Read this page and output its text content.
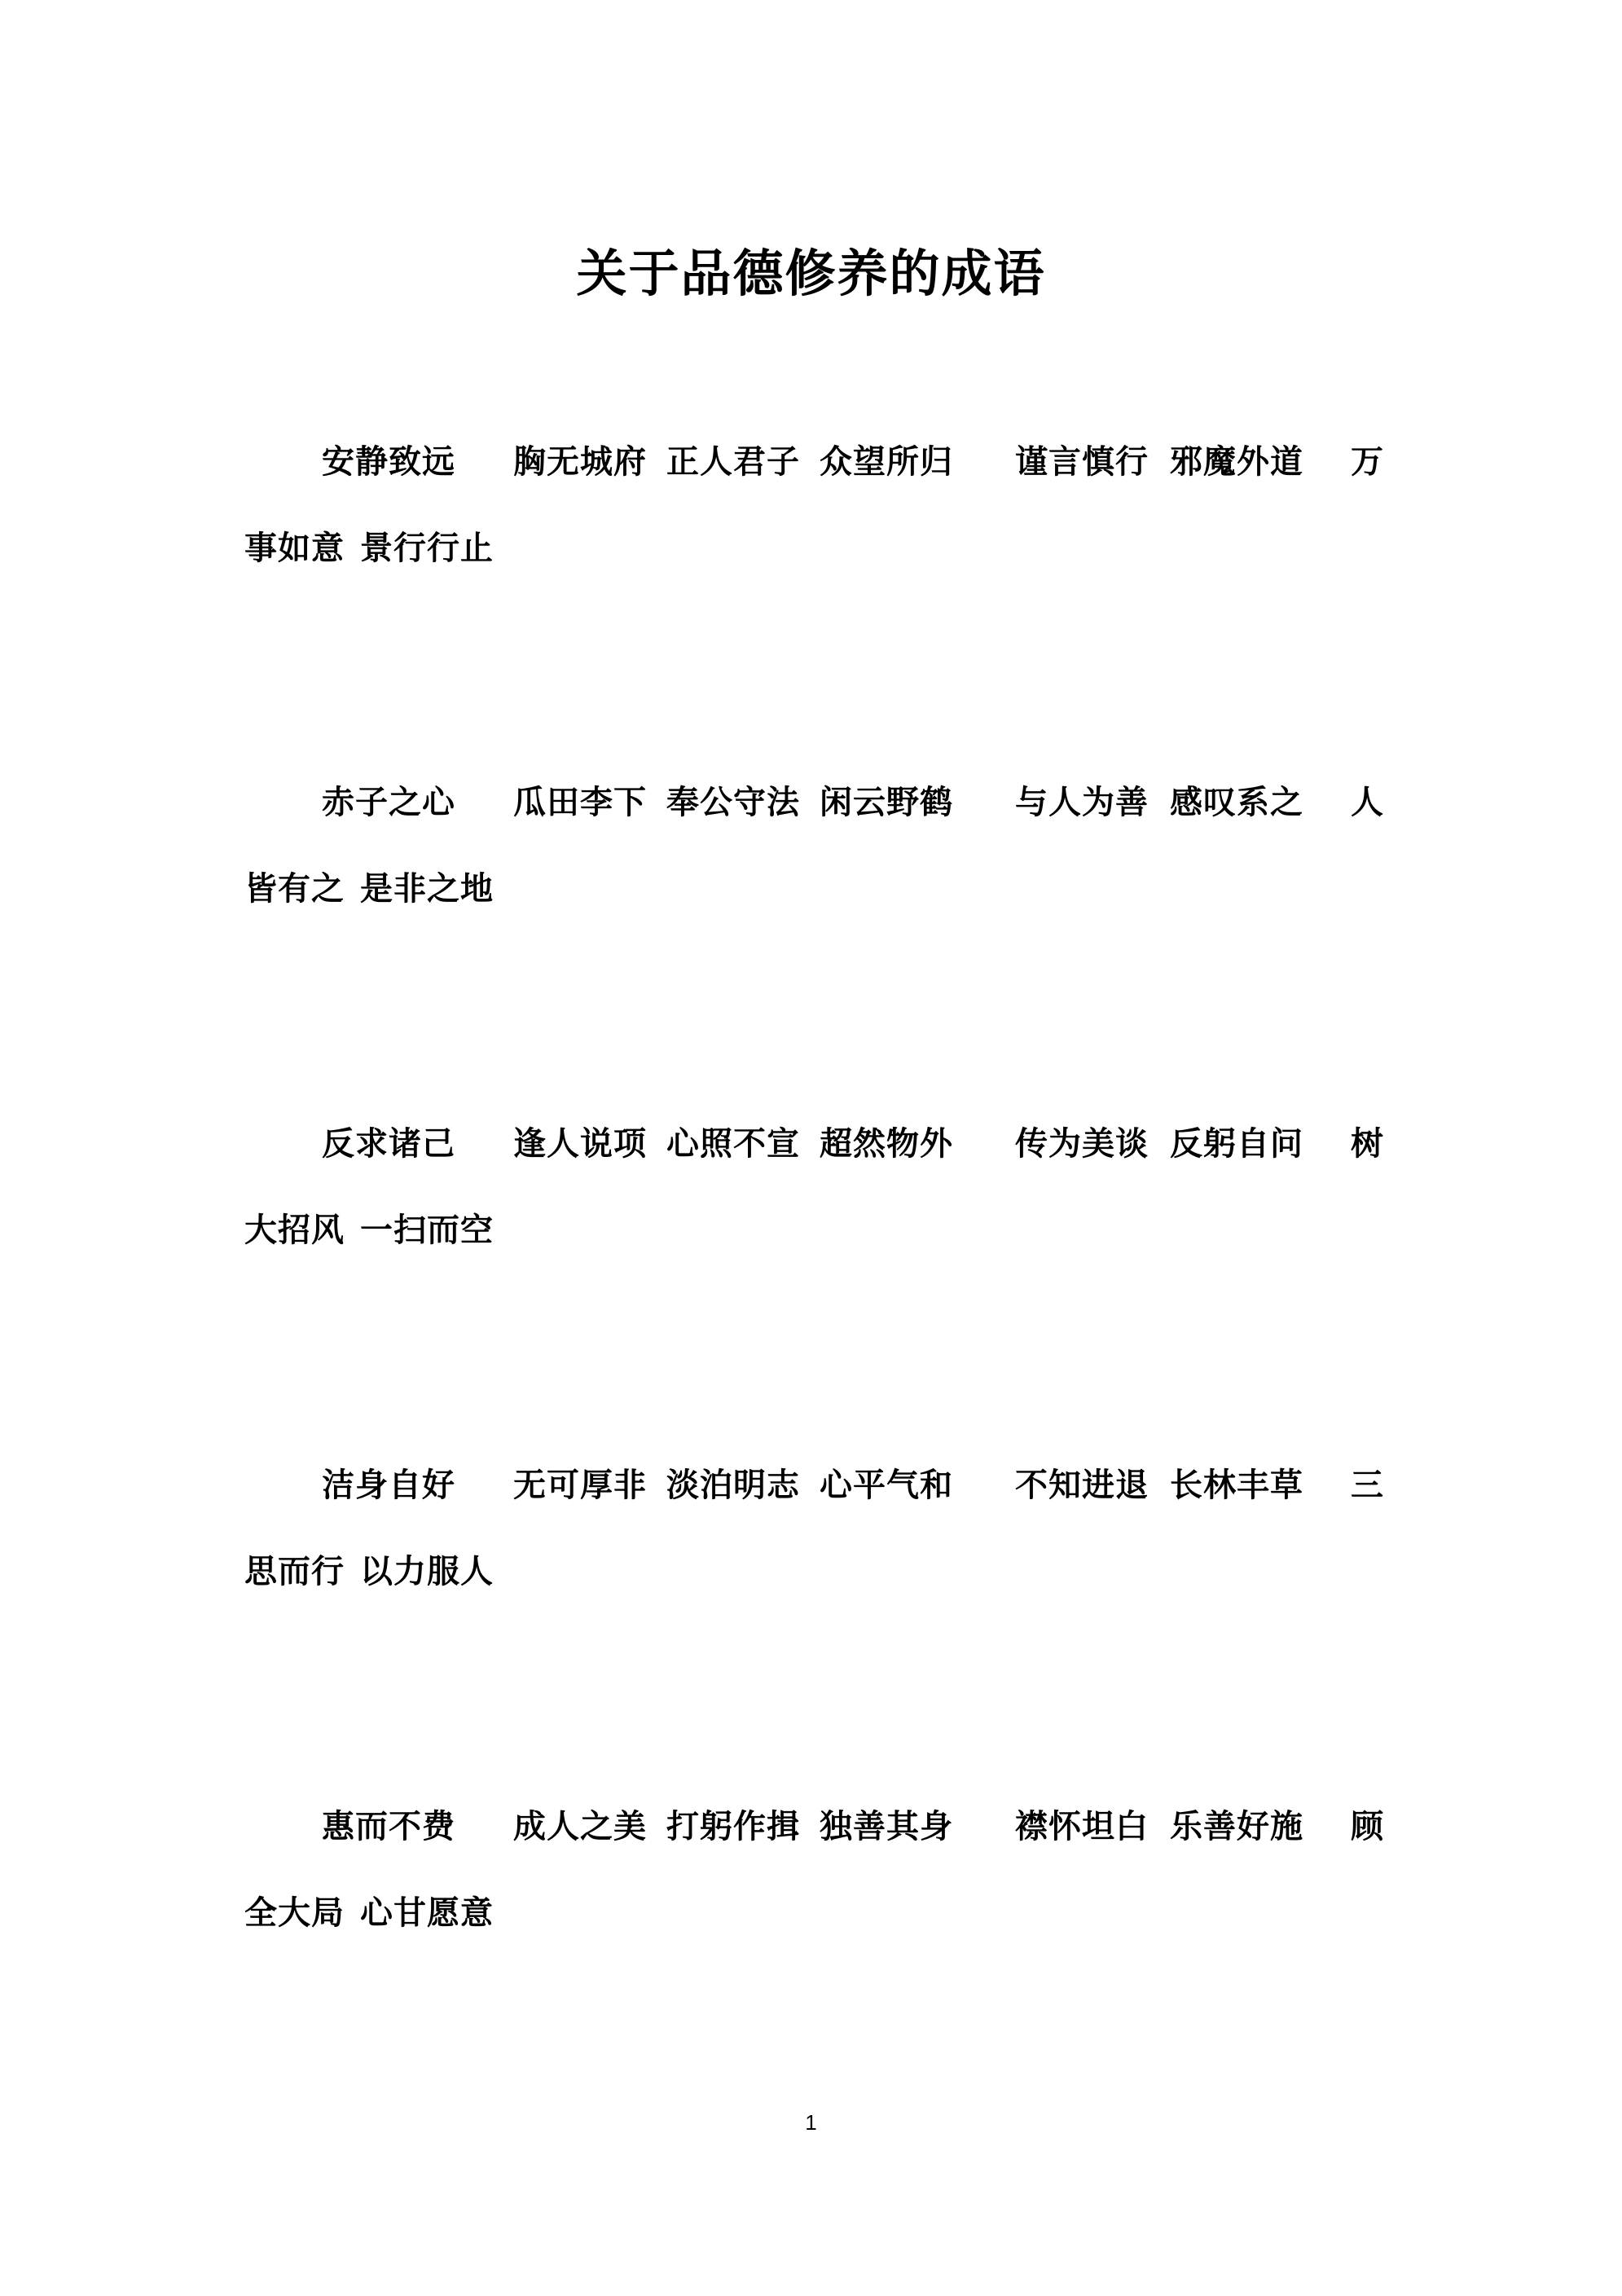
关于品德修养的成语
安静致远 胸无城府 正人君子 众望所归 谨言慎行 邪魔外道 万
事如意 景行行止
赤子之心 瓜田李下 奉公守法 闲云野鹤 与人为善 感叹系之 人
皆有之 是非之地
反求诸己 逢人说项 心照不宣 超然物外 传为美谈 反躬自问 树
大招风 一扫而空
洁身自好 无可厚非 淡泊明志 心平气和 不知进退 长林丰草 三
思而行 以力服人
惠而不费 成人之美 打躬作揖 独善其身 襟怀坦白 乐善好施 顾
全大局 心甘愿意
1
